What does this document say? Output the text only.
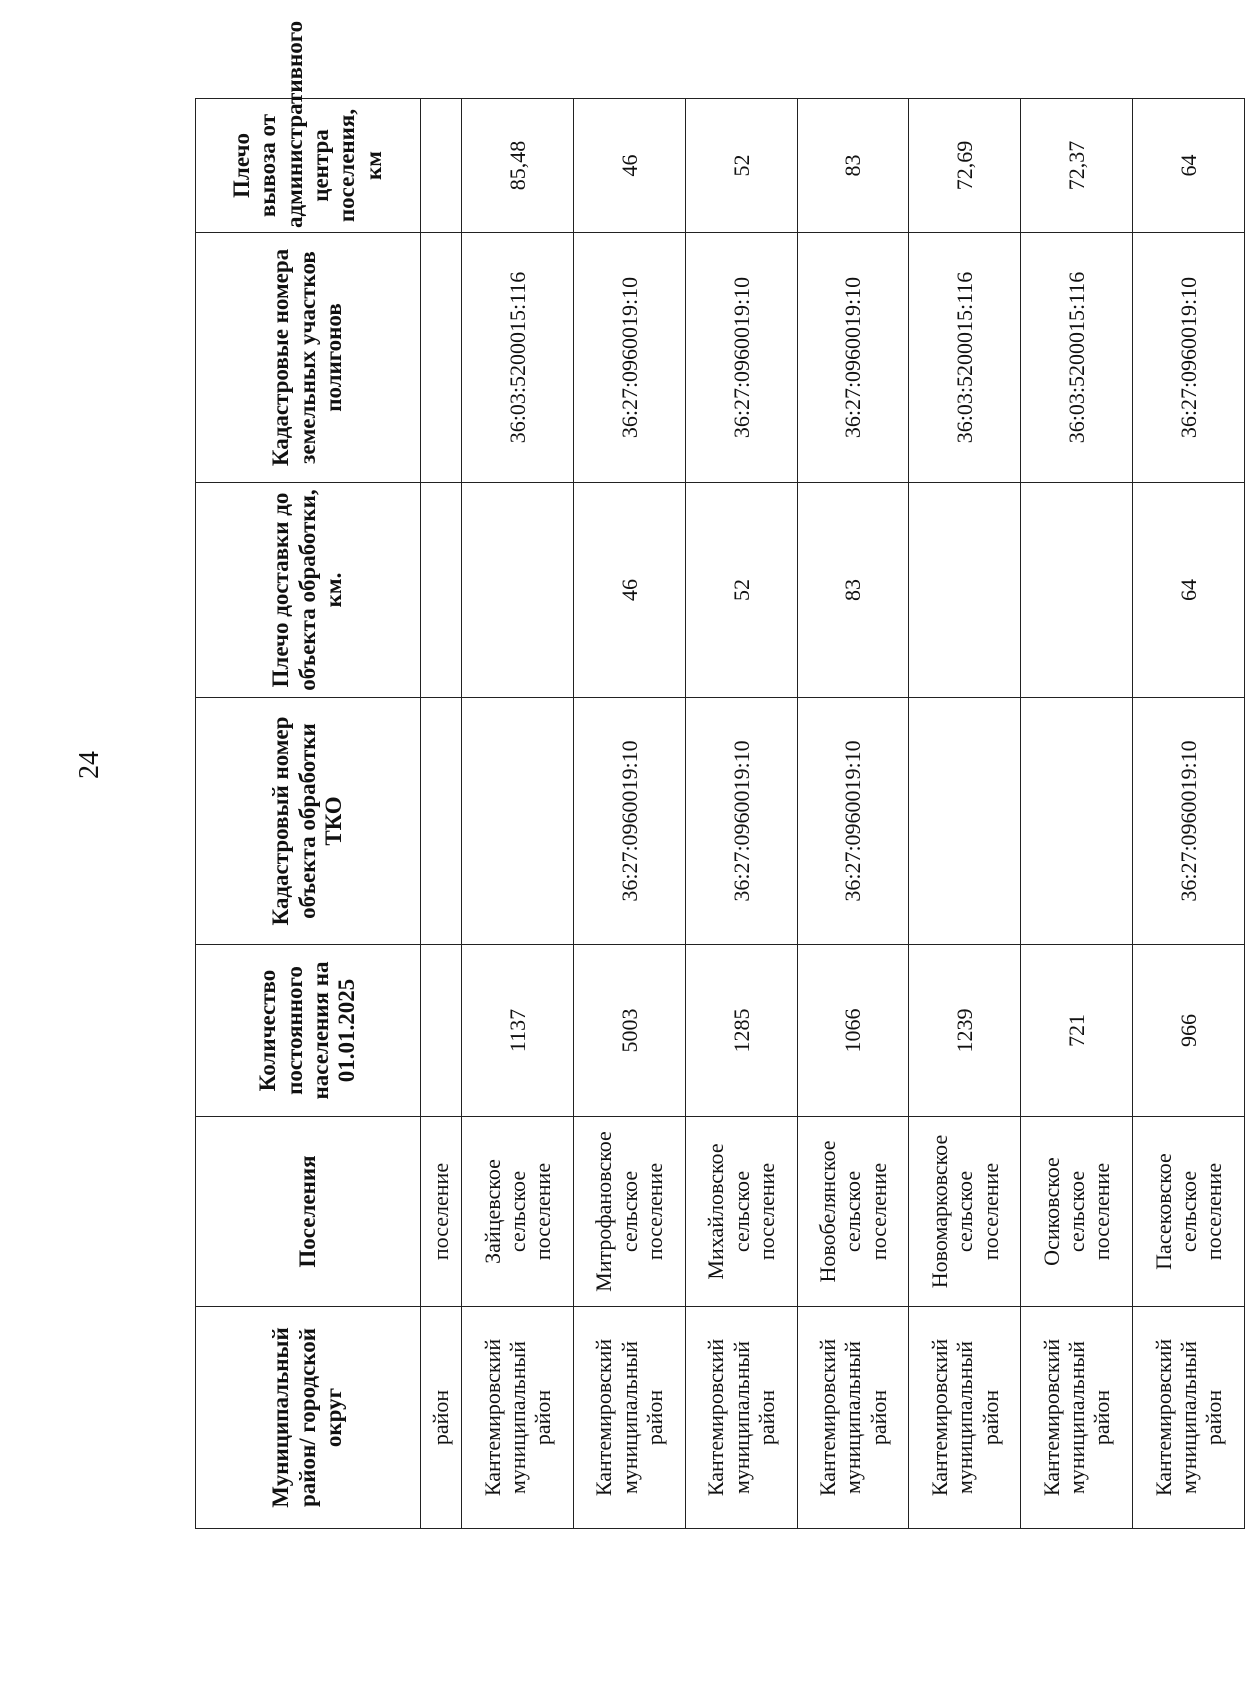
24
Муниципальный район/ городской округ	Поселения	Количество постоянного населения на 01.01.2025	Кадастровый номер объекта обработки ТКО	Плечо доставки до объекта обработки, км.	Кадастровые номера земельных участков полигонов	Плечо вывоза от административного центра поселения, км
район	поселение					
Кантемировский муниципальный район	Зайцевское сельское поселение	1137			36:03:5200015:116	85,48
Кантемировский муниципальный район	Митрофановское сельское поселение	5003	36:27:0960019:10	46	36:27:0960019:10	46
Кантемировский муниципальный район	Михайловское сельское поселение	1285	36:27:0960019:10	52	36:27:0960019:10	52
Кантемировский муниципальный район	Новобелянское сельское поселение	1066	36:27:0960019:10	83	36:27:0960019:10	83
Кантемировский муниципальный район	Новомарковское сельское поселение	1239			36:03:5200015:116	72,69
Кантемировский муниципальный район	Осиковское сельское поселение	721			36:03:5200015:116	72,37
Кантемировский муниципальный район	Пасековское сельское поселение	966	36:27:0960019:10	64	36:27:0960019:10	64
